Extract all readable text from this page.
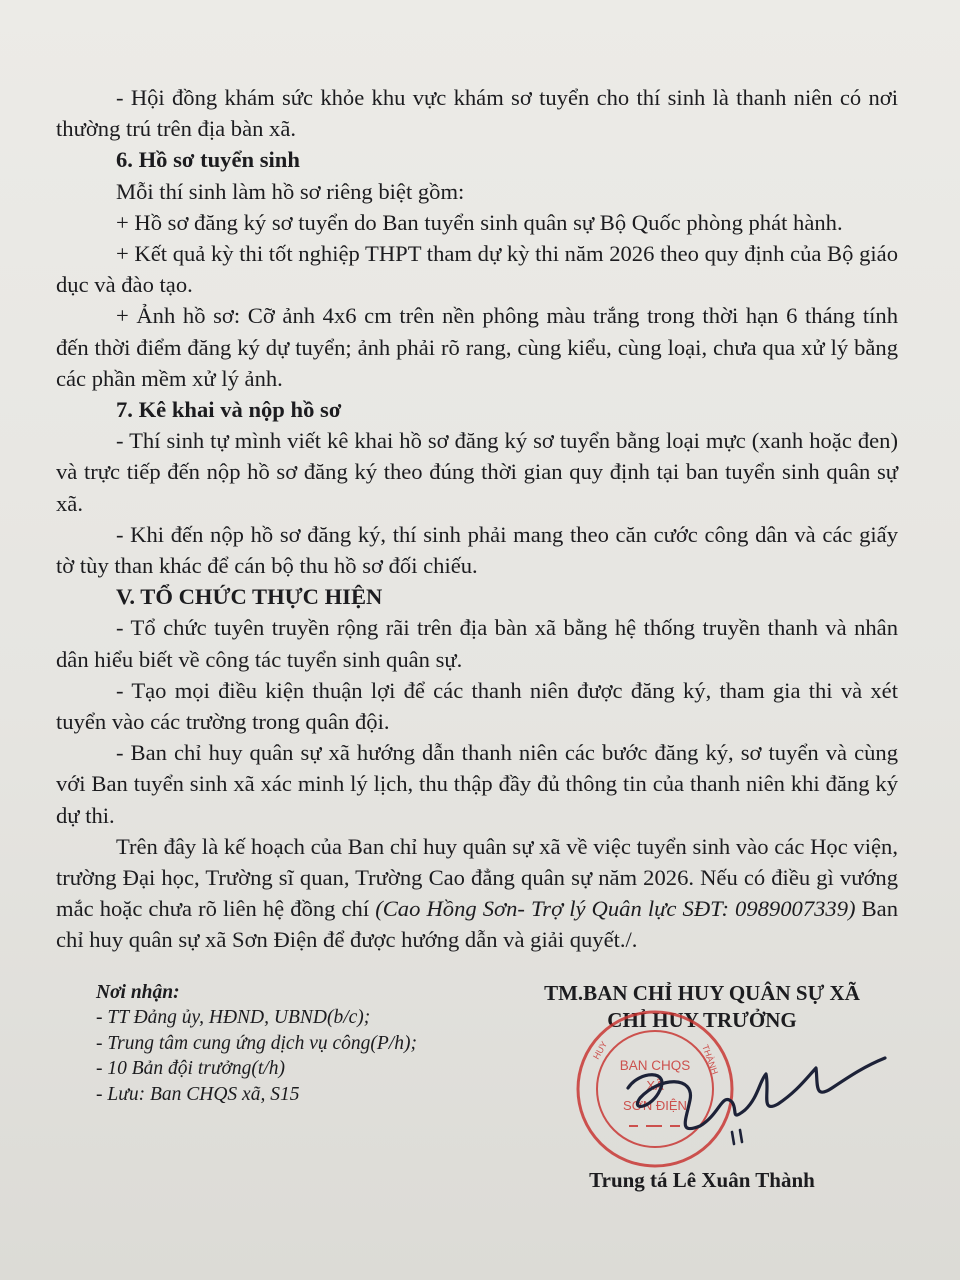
- Hội đồng khám sức khỏe khu vực khám sơ tuyển cho thí sinh là thanh niên có nơi thường trú trên địa bàn xã.

6. Hồ sơ tuyển sinh

Mỗi thí sinh làm hồ sơ riêng biệt gồm:

+ Hồ sơ đăng ký sơ tuyển do Ban tuyển sinh quân sự Bộ Quốc phòng phát hành.

+ Kết quả kỳ thi tốt nghiệp THPT tham dự kỳ thi năm 2026 theo quy định của Bộ giáo dục và đào tạo.

+ Ảnh hồ sơ: Cỡ ảnh 4x6 cm trên nền phông màu trắng trong thời hạn 6 tháng tính đến thời điểm đăng ký dự tuyển; ảnh phải rõ rang, cùng kiểu, cùng loại, chưa qua xử lý bằng các phần mềm xử lý ảnh.

7. Kê khai và nộp hồ sơ

- Thí sinh tự mình viết kê khai hồ sơ đăng ký sơ tuyển bằng loại mực (xanh hoặc đen) và trực tiếp đến nộp hồ sơ đăng ký theo đúng thời gian quy định tại ban tuyển sinh quân sự xã.

- Khi đến nộp hồ sơ đăng ký, thí sinh phải mang theo căn cước công dân và các giấy tờ tùy than khác để cán bộ thu hồ sơ đối chiếu.

V. TỔ CHỨC THỰC HIỆN

- Tổ chức tuyên truyền rộng rãi trên địa bàn xã bằng hệ thống truyền thanh và nhân dân hiểu biết về công tác tuyển sinh quân sự.

- Tạo mọi điều kiện thuận lợi để các thanh niên được đăng ký, tham gia thi và xét tuyển vào các trường trong quân đội.

- Ban chỉ huy quân sự xã hướng dẫn thanh niên các bước đăng ký, sơ tuyển và cùng với Ban tuyển sinh xã xác minh lý lịch, thu thập đầy đủ thông tin của thanh niên khi đăng ký dự thi.

Trên đây là kế hoạch của Ban chỉ huy quân sự xã về việc tuyển sinh vào các Học viện, trường Đại học, Trường sĩ quan, Trường Cao đẳng quân sự năm 2026. Nếu có điều gì vướng mắc hoặc chưa rõ liên hệ đồng chí (Cao Hồng Sơn- Trợ lý Quân lực SĐT: 0989007339) Ban chỉ huy quân sự xã Sơn Điện để được hướng dẫn và giải quyết./.

Nơi nhận:
- TT Đảng ủy, HĐND, UBND(b/c);
- Trung tâm cung ứng dịch vụ công(P/h);
- 10 Bản đội trưởng(t/h)
- Lưu: Ban CHQS xã, S15
TM.BAN CHỈ HUY QUÂN SỰ XÃ
CHỈ HUY TRƯỞNG
BAN CHQS
XÃ
SƠN ĐIỆN
HUY	THÀNH
Trung tá Lê Xuân Thành
